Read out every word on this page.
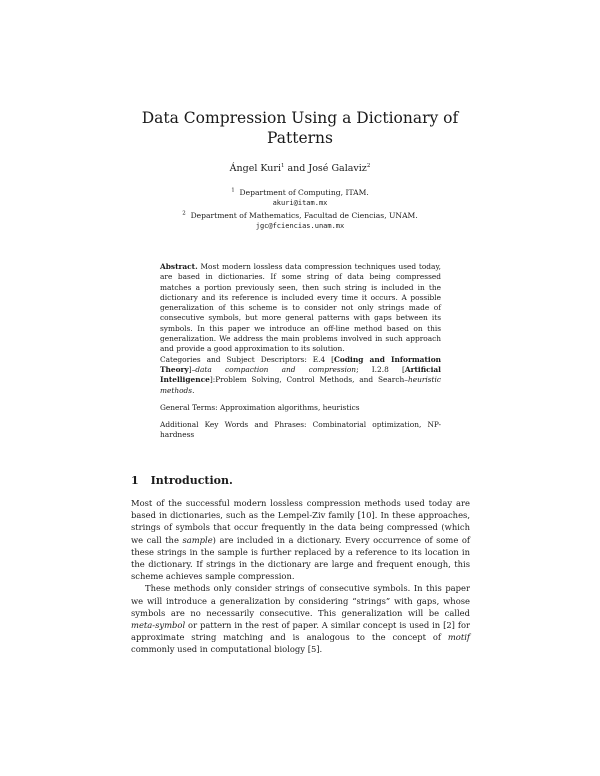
Data Compression Using a Dictionary of Patterns

Ángel Kuri$^1$ and José Galaviz$^2$

$^1$ Department of Computing, ITAM.
akuri@itam.mx
$^2$ Department of Mathematics, Facultad de Ciencias, UNAM.
jgc@fciencias.unam.mx

Abstract. Most modern lossless data compression techniques used today, are based in dictionaries. If some string of data being compressed matches a portion previously seen, then such string is included in the dictionary and its reference is included every time it occurs. A possible generalization of this scheme is to consider not only strings made of consecutive symbols, but more general patterns with gaps between its symbols. In this paper we introduce an off-line method based on this generalization. We address the main problems involved in such approach and provide a good approximation to its solution.

Categories and Subject Descriptors: E.4 [Coding and Information Theory]–data compaction and compression; I.2.8 [Artificial Intelligence]:Problem Solving, Control Methods, and Search–heuristic methods.

General Terms: Approximation algorithms, heuristics

Additional Key Words and Phrases: Combinatorial optimization, NP-hardness

1 Introduction.

Most of the successful modern lossless compression methods used today are based in dictionaries, such as the Lempel-Ziv family [10]. In these approaches, strings of symbols that occur frequently in the data being compressed (which we call the sample) are included in a dictionary. Every occurrence of some of these strings in the sample is further replaced by a reference to its location in the dictionary. If strings in the dictionary are large and frequent enough, this scheme achieves sample compression.

These methods only consider strings of consecutive symbols. In this paper we will introduce a generalization by considering “strings” with gaps, whose symbols are no necessarily consecutive. This generalization will be called meta-symbol or pattern in the rest of paper. A similar concept is used in [2] for approximate string matching and is analogous to the concept of motif commonly used in computational biology [5].
